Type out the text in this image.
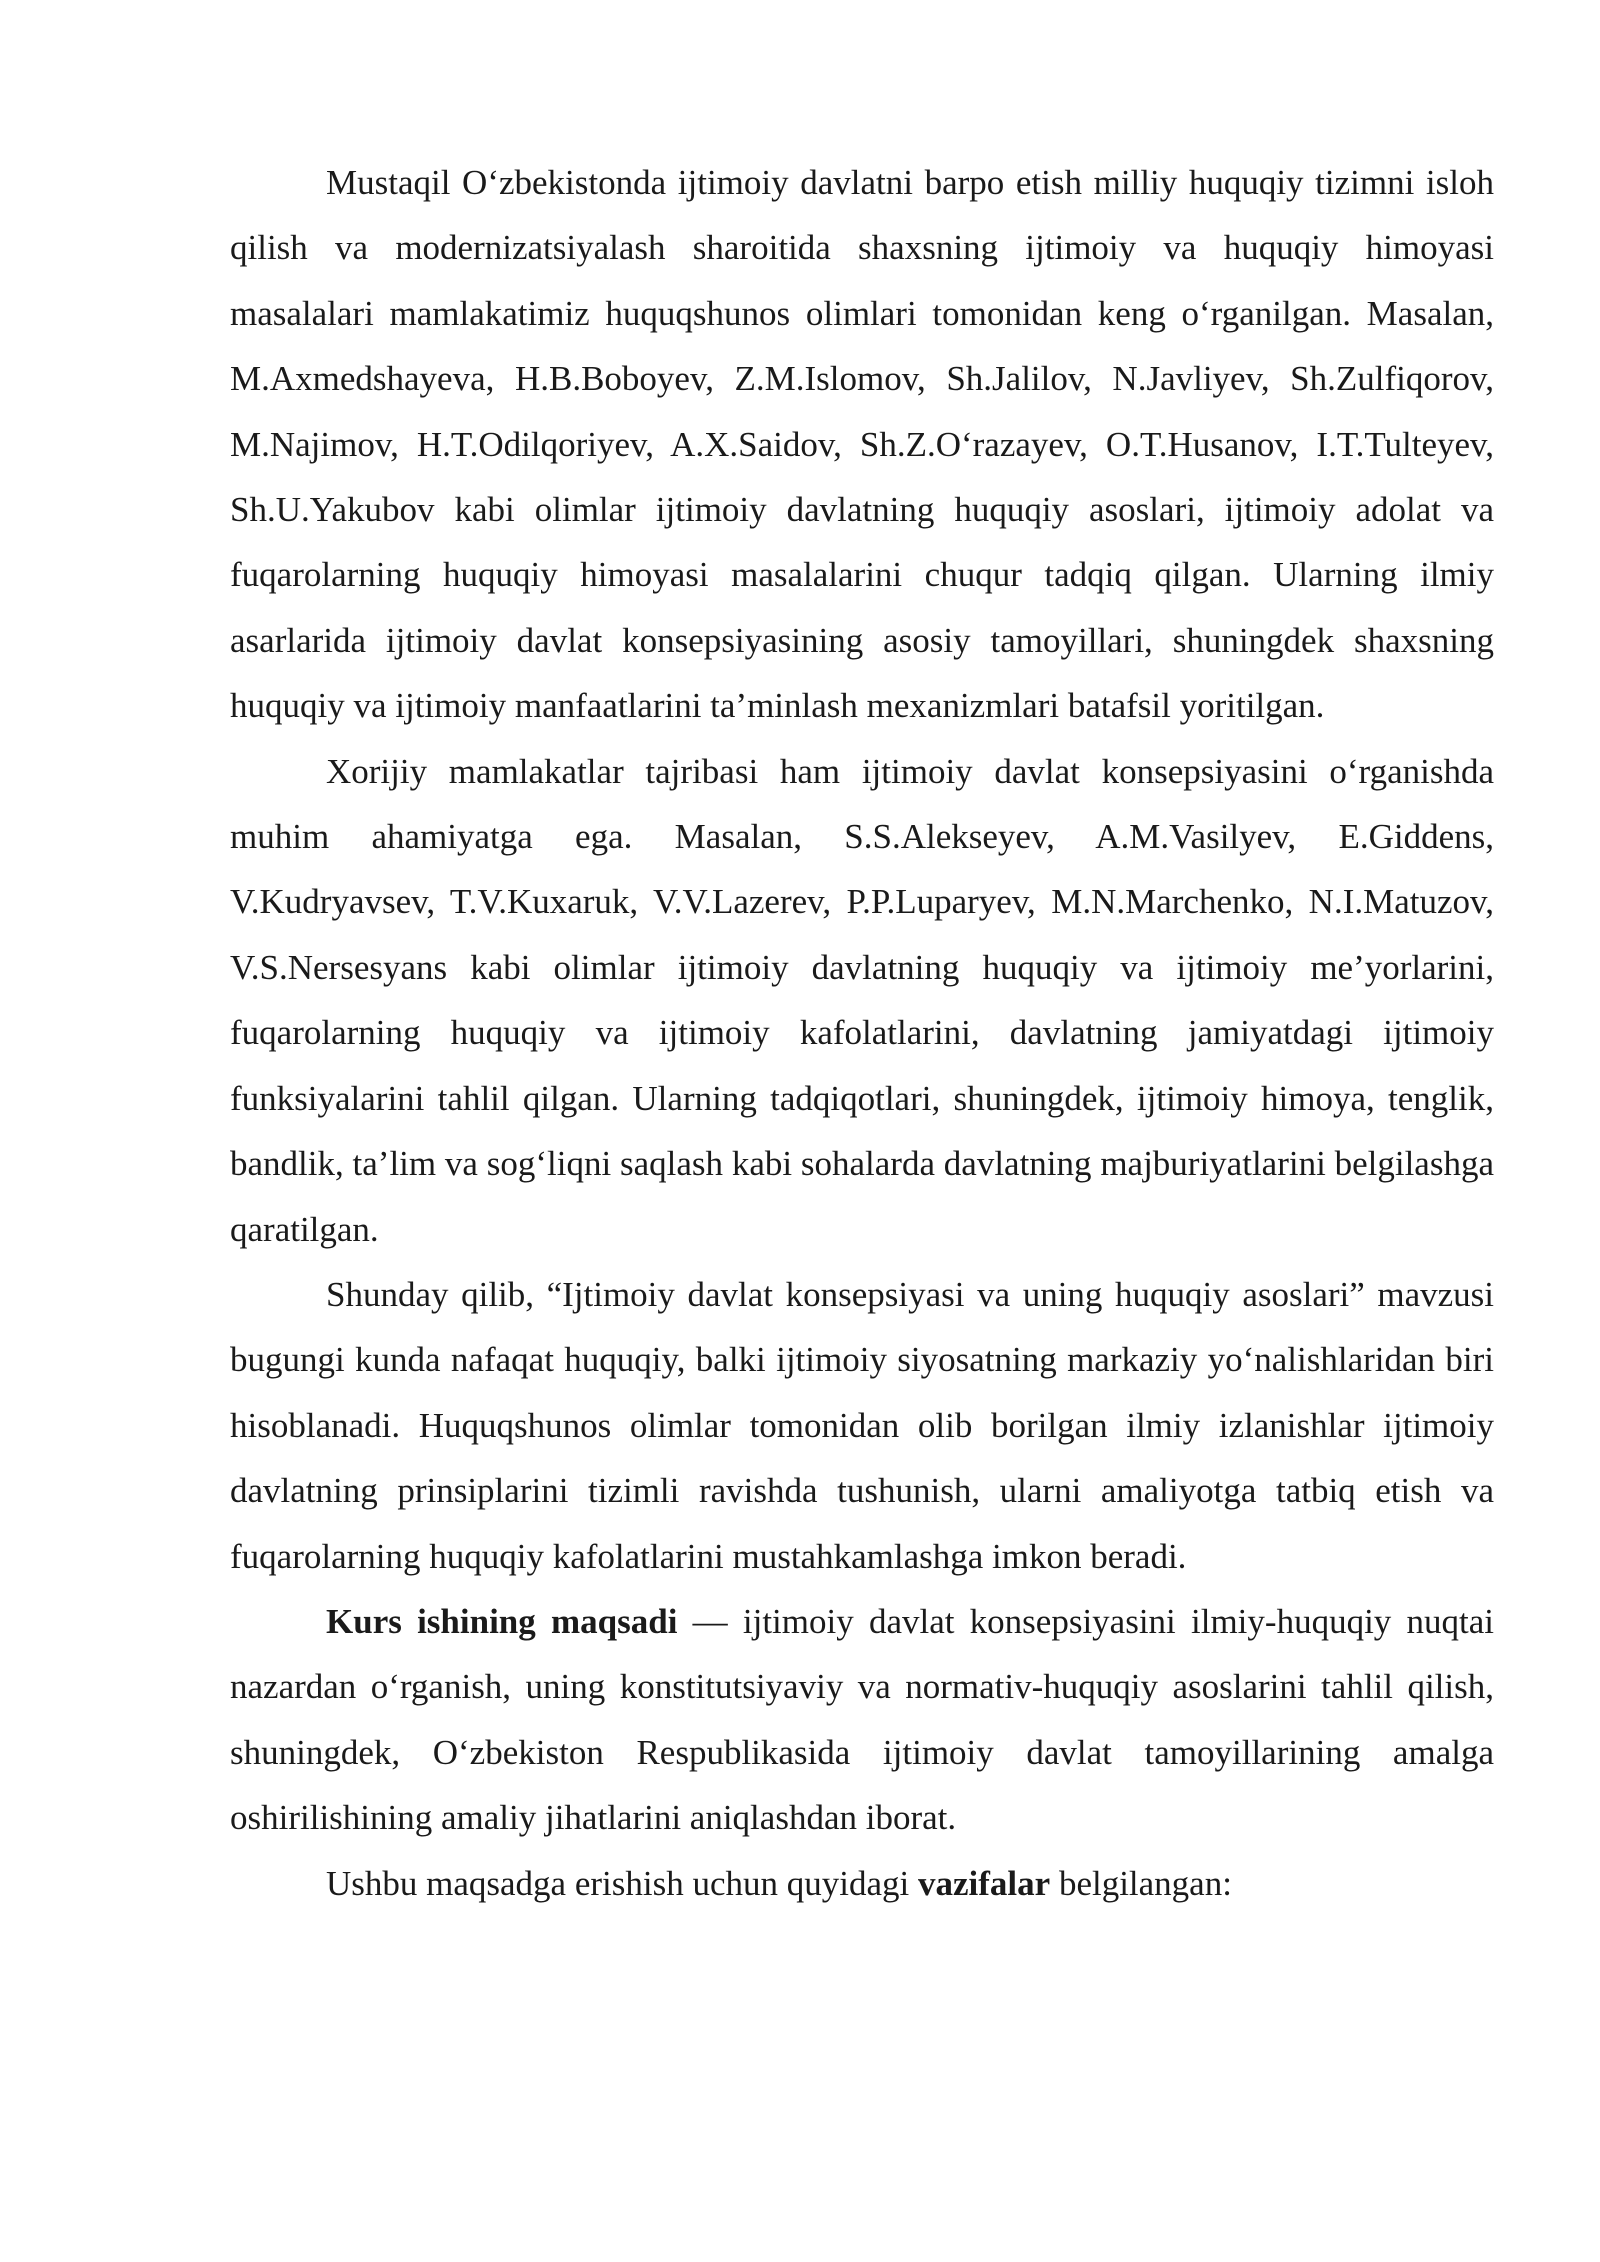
Mustaqil O‘zbekistonda ijtimoiy davlatni barpo etish milliy huquqiy tizimni isloh qilish va modernizatsiyalash sharoitida shaxsning ijtimoiy va huquqiy himoyasi masalalari mamlakatimiz huquqshunos olimlari tomonidan keng o‘rganilgan. Masalan, M.Axmedshayeva, H.B.Boboyev, Z.M.Islomov, Sh.Jalilov, N.Javliyev, Sh.Zulfiqorov, M.Najimov, H.T.Odilqoriyev, A.X.Saidov, Sh.Z.O‘razayev, O.T.Husanov, I.T.Tulteyev, Sh.U.Yakubov kabi olimlar ijtimoiy davlatning huquqiy asoslari, ijtimoiy adolat va fuqarolarning huquqiy himoyasi masalalarini chuqur tadqiq qilgan. Ularning ilmiy asarlarida ijtimoiy davlat konsepsiyasining asosiy tamoyillari, shuningdek shaxsning huquqiy va ijtimoiy manfaatlarini ta’minlash mexanizmlari batafsil yoritilgan.

Xorijiy mamlakatlar tajribasi ham ijtimoiy davlat konsepsiyasini o‘rganishda muhim ahamiyatga ega. Masalan, S.S.Alekseyev, A.M.Vasilyev, E.Giddens, V.Kudryavsev, T.V.Kuxaruk, V.V.Lazerev, P.P.Luparyev, M.N.Marchenko, N.I.Matuzov, V.S.Nersesyans kabi olimlar ijtimoiy davlatning huquqiy va ijtimoiy me’yorlarini, fuqarolarning huquqiy va ijtimoiy kafolatlarini, davlatning jamiyatdagi ijtimoiy funksiyalarini tahlil qilgan. Ularning tadqiqotlari, shuningdek, ijtimoiy himoya, tenglik, bandlik, ta’lim va sog‘liqni saqlash kabi sohalarda davlatning majburiyatlarini belgilashga qaratilgan.

Shunday qilib, “Ijtimoiy davlat konsepsiyasi va uning huquqiy asoslari” mavzusi bugungi kunda nafaqat huquqiy, balki ijtimoiy siyosatning markaziy yo‘nalishlaridan biri hisoblanadi. Huquqshunos olimlar tomonidan olib borilgan ilmiy izlanishlar ijtimoiy davlatning prinsiplarini tizimli ravishda tushunish, ularni amaliyotga tatbiq etish va fuqarolarning huquqiy kafolatlarini mustahkamlashga imkon beradi.

Kurs ishining maqsadi — ijtimoiy davlat konsepsiyasini ilmiy-huquqiy nuqtai nazardan o‘rganish, uning konstitutsiyaviy va normativ-huquqiy asoslarini tahlil qilish, shuningdek, O‘zbekiston Respublikasida ijtimoiy davlat tamoyillarining amalga oshirilishining amaliy jihatlarini aniqlashdan iborat.

Ushbu maqsadga erishish uchun quyidagi vazifalar belgilangan:
